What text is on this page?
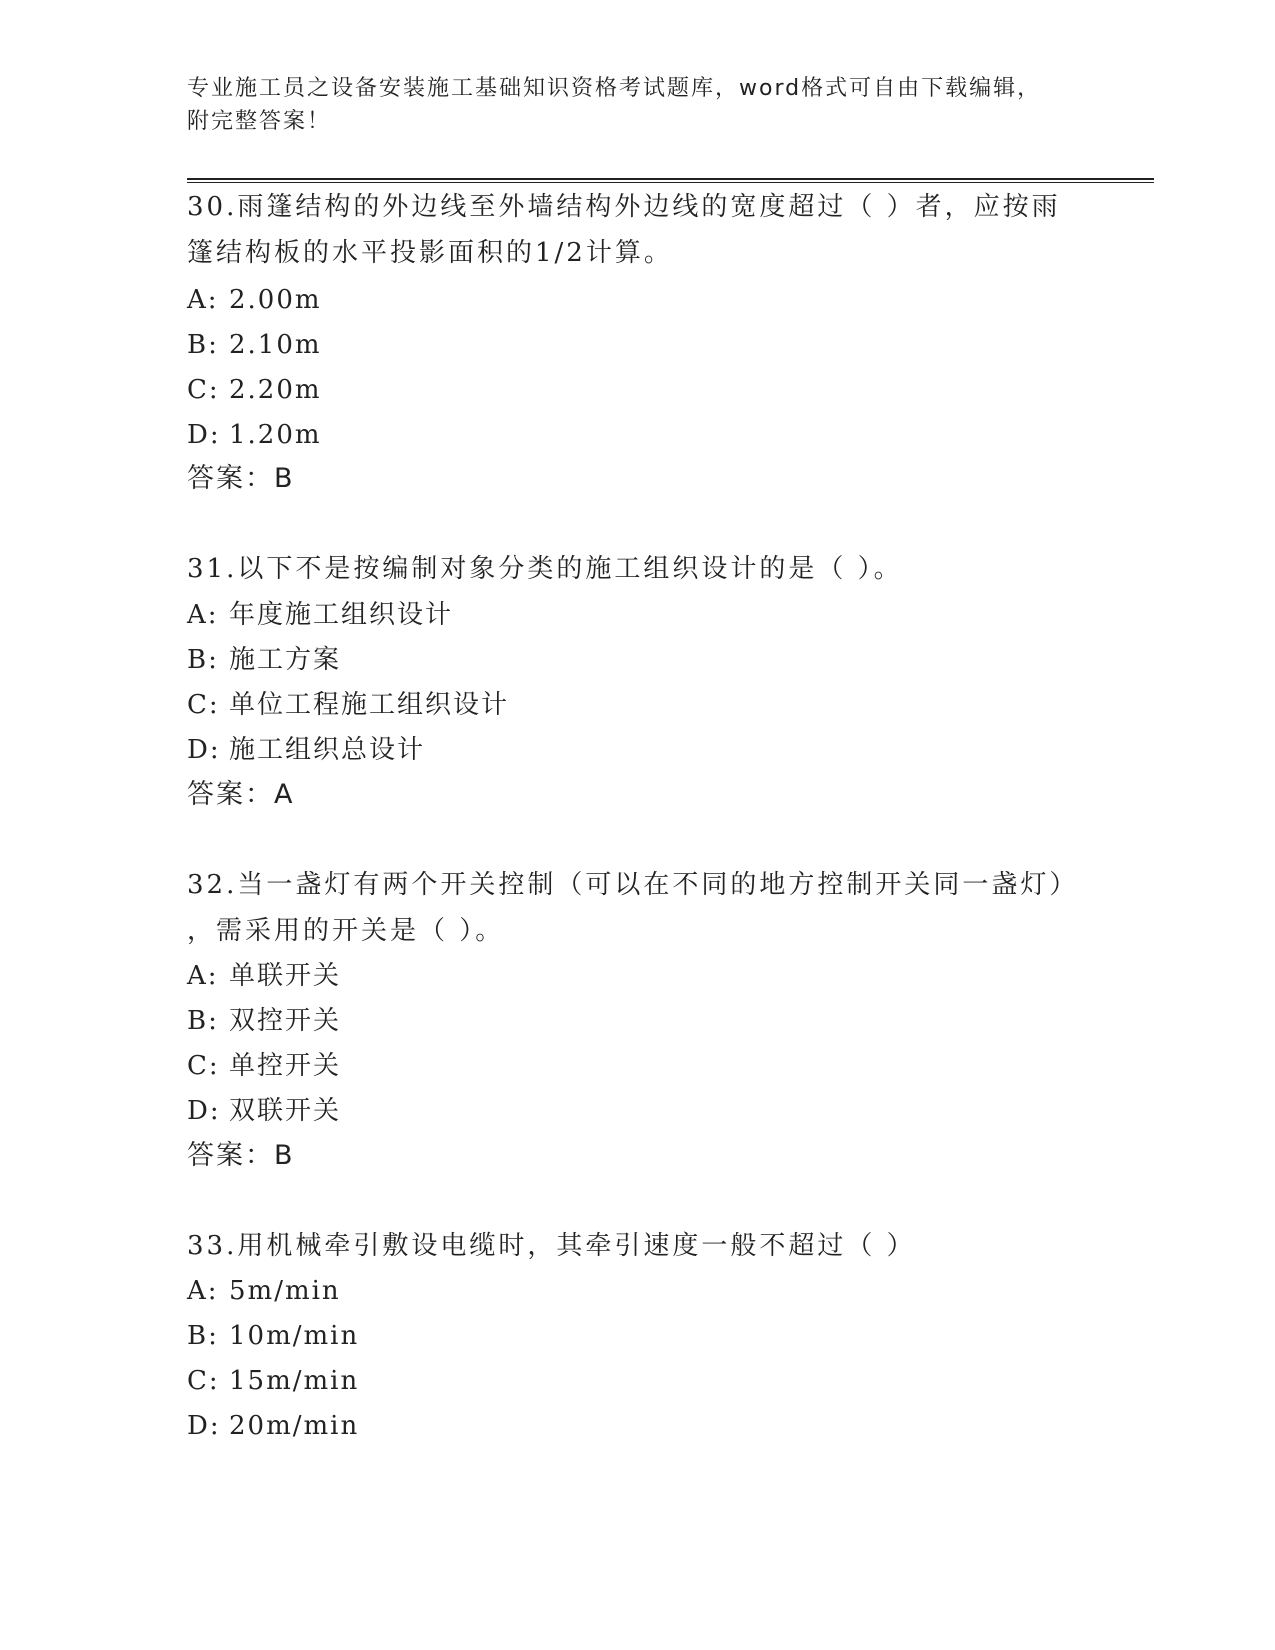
专业施工员之设备安装施工基础知识资格考试题库，word格式可自由下载编辑，
附完整答案！
30.雨篷结构的外边线至外墙结构外边线的宽度超过（ ）者，应按雨
篷结构板的水平投影面积的1/2计算。
A: 2.00m
B: 2.10m
C: 2.20m
D: 1.20m
答案：B
31.以下不是按编制对象分类的施工组织设计的是（ ）。
A: 年度施工组织设计
B: 施工方案
C: 单位工程施工组织设计
D: 施工组织总设计
答案：A
32.当一盏灯有两个开关控制（可以在不同的地方控制开关同一盏灯）
，需采用的开关是（ ）。
A: 单联开关
B: 双控开关
C: 单控开关
D: 双联开关
答案：B
33.用机械牵引敷设电缆时，其牵引速度一般不超过（ ）
A: 5m/min
B: 10m/min
C: 15m/min
D: 20m/min
